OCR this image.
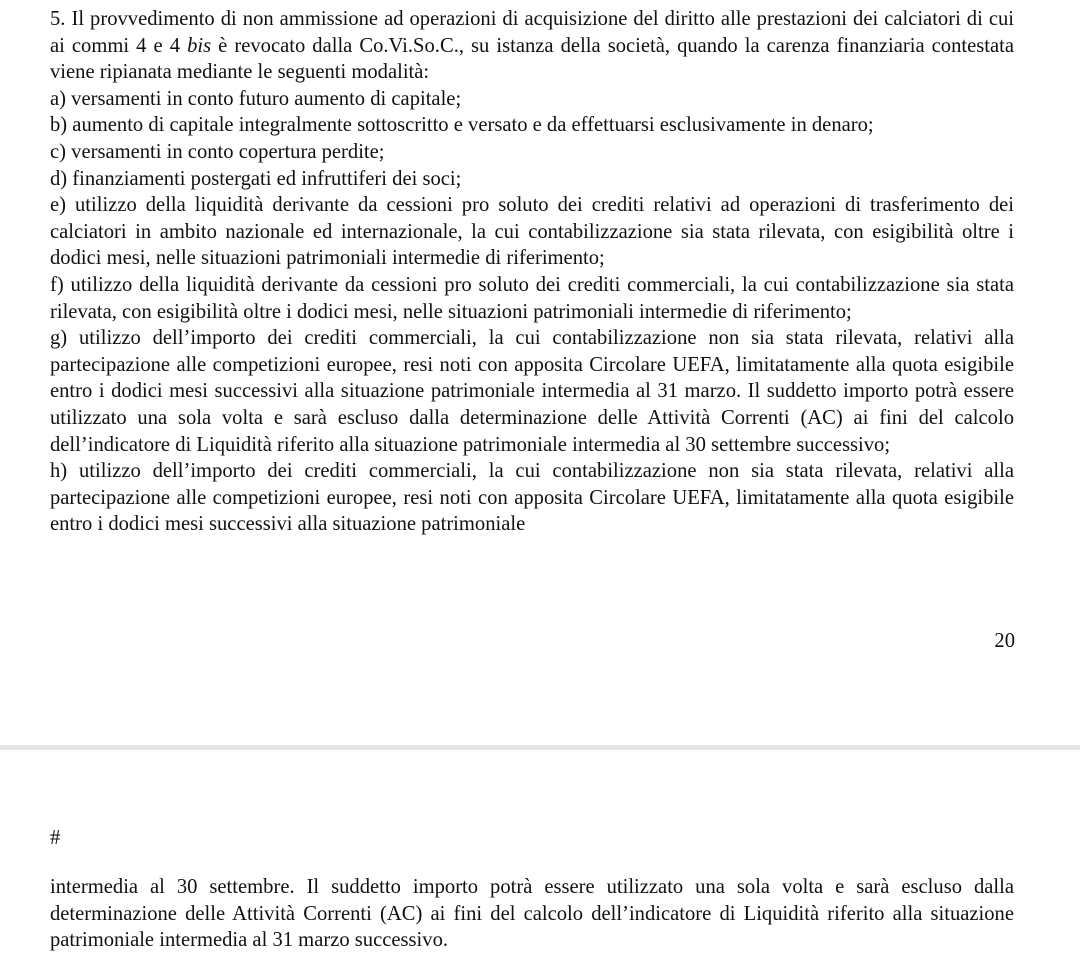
5. Il provvedimento di non ammissione ad operazioni di acquisizione del diritto alle prestazioni dei calciatori di cui ai commi 4 e 4 bis è revocato dalla Co.Vi.So.C., su istanza della società, quando la carenza finanziaria contestata viene ripianata mediante le seguenti modalità:

a) versamenti in conto futuro aumento di capitale;

b) aumento di capitale integralmente sottoscritto e versato e da effettuarsi esclusivamente in denaro;

c) versamenti in conto copertura perdite;

d) finanziamenti postergati ed infruttiferi dei soci;

e) utilizzo della liquidità derivante da cessioni pro soluto dei crediti relativi ad operazioni di trasferimento dei calciatori in ambito nazionale ed internazionale, la cui contabilizzazione sia stata rilevata, con esigibilità oltre i dodici mesi, nelle situazioni patrimoniali intermedie di riferimento;

f) utilizzo della liquidità derivante da cessioni pro soluto dei crediti commerciali, la cui contabilizzazione sia stata rilevata, con esigibilità oltre i dodici mesi, nelle situazioni patrimoniali intermedie di riferimento;

g) utilizzo dell’importo dei crediti commerciali, la cui contabilizzazione non sia stata rilevata, relativi alla partecipazione alle competizioni europee, resi noti con apposita Circolare UEFA, limitatamente alla quota esigibile entro i dodici mesi successivi alla situazione patrimoniale intermedia al 31 marzo. Il suddetto importo potrà essere utilizzato una sola volta e sarà escluso dalla determinazione delle Attività Correnti (AC) ai fini del calcolo dell’indicatore di Liquidità riferito alla situazione patrimoniale intermedia al 30 settembre successivo;

h) utilizzo dell’importo dei crediti commerciali, la cui contabilizzazione non sia stata rilevata, relativi alla partecipazione alle competizioni europee, resi noti con apposita Circolare UEFA, limitatamente alla quota esigibile entro i dodici mesi successivi alla situazione patrimoniale

20
#

intermedia al 30 settembre. Il suddetto importo potrà essere utilizzato una sola volta e sarà escluso dalla determinazione delle Attività Correnti (AC) ai fini del calcolo dell’indicatore di Liquidità riferito alla situazione patrimoniale intermedia al 31 marzo successivo.
